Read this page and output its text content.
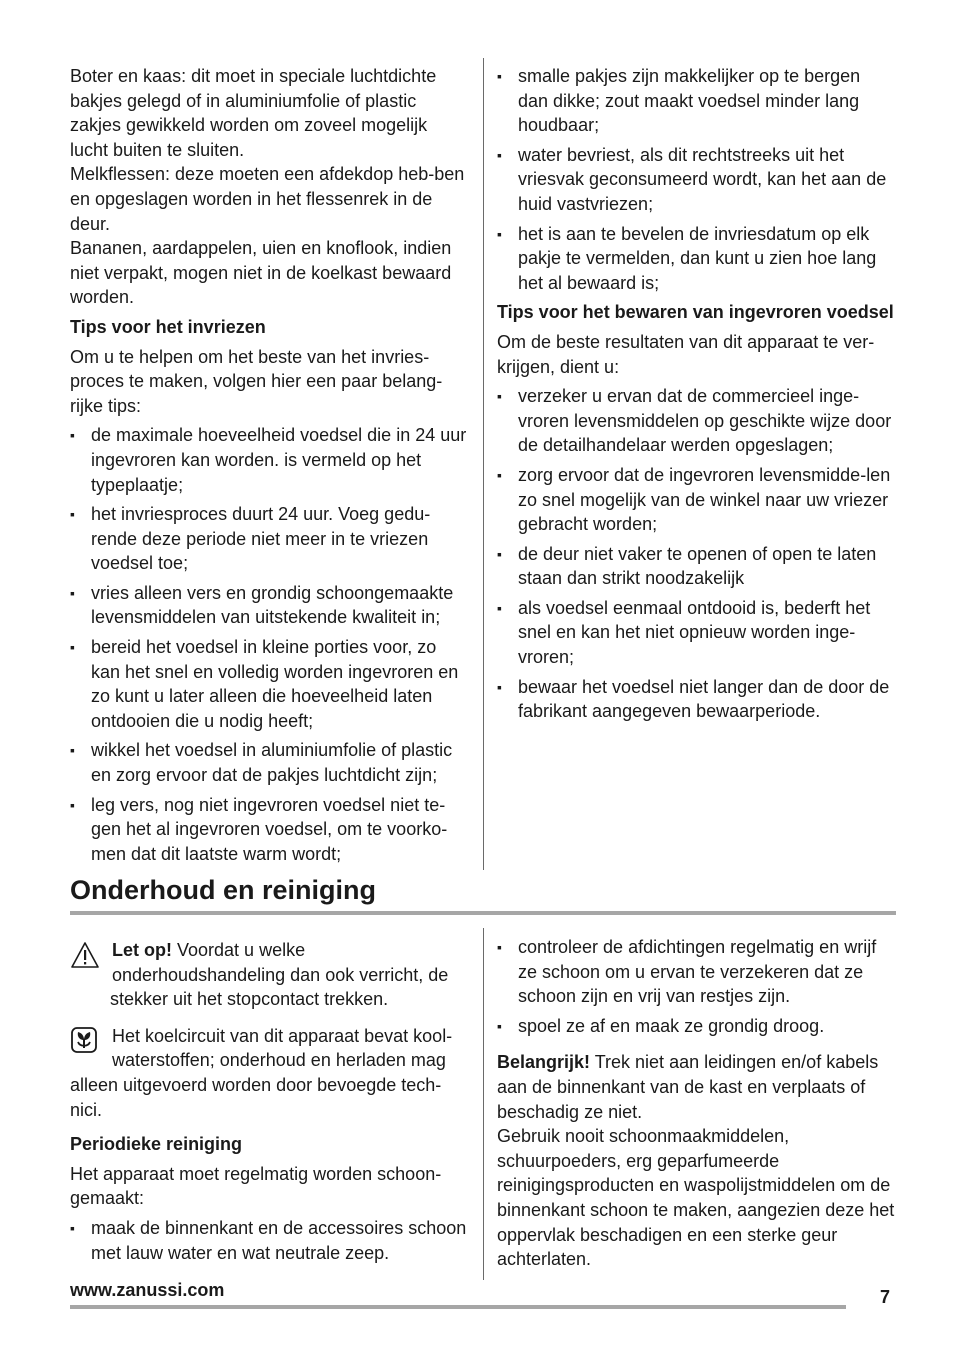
Boter en kaas: dit moet in speciale luchtdichte bakjes gelegd of in aluminiumfolie of plastic zakjes gewikkeld worden om zoveel mogelijk lucht buiten te sluiten.

Melkflessen: deze moeten een afdekdop heb-ben en opgeslagen worden in het flessenrek in de deur.

Bananen, aardappelen, uien en knoflook, indien niet verpakt, mogen niet in de koelkast bewaard worden.

Tips voor het invriezen

Om u te helpen om het beste van het invries-proces te maken, volgen hier een paar belang-rijke tips:

▪ de maximale hoeveelheid voedsel die in 24 uur ingevroren kan worden. is vermeld op het typeplaatje;
▪ het invriesproces duurt 24 uur. Voeg gedu-rende deze periode niet meer in te vriezen voedsel toe;
▪ vries alleen vers en grondig schoongemaakte levensmiddelen van uitstekende kwaliteit in;
▪ bereid het voedsel in kleine porties voor, zo kan het snel en volledig worden ingevroren en zo kunt u later alleen die hoeveelheid laten ontdooien die u nodig heeft;
▪ wikkel het voedsel in aluminiumfolie of plastic en zorg ervoor dat de pakjes luchtdicht zijn;
▪ leg vers, nog niet ingevroren voedsel niet te-gen het al ingevroren voedsel, om te voorko-men dat dit laatste warm wordt;
▪ smalle pakjes zijn makkelijker op te bergen dan dikke; zout maakt voedsel minder lang houdbaar;
▪ water bevriest, als dit rechtstreeks uit het vriesvak geconsumeerd wordt, kan het aan de huid vastvriezen;
▪ het is aan te bevelen de invriesdatum op elk pakje te vermelden, dan kunt u zien hoe lang het al bewaard is;
Tips voor het bewaren van ingevroren voedsel

Om de beste resultaten van dit apparaat te ver-krijgen, dient u:

▪ verzeker u ervan dat de commercieel inge-vroren levensmiddelen op geschikte wijze door de detailhandelaar werden opgeslagen;
▪ zorg ervoor dat de ingevroren levensmidde-len zo snel mogelijk van de winkel naar uw vriezer gebracht worden;
▪ de deur niet vaker te openen of open te laten staan dan strikt noodzakelijk
▪ als voedsel eenmaal ontdooid is, bederft het snel en kan het niet opnieuw worden inge-vroren;
▪ bewaar het voedsel niet langer dan de door de fabrikant aangegeven bewaarperiode.
Onderhoud en reiniging
Let op! Voordat u welke onderhoudshandeling dan ook verricht, de stekker uit het stopcontact trekken.
Het koelcircuit van dit apparaat bevat kool-waterstoffen; onderhoud en herladen mag alleen uitgevoerd worden door bevoegde tech-nici.
Periodieke reiniging

Het apparaat moet regelmatig worden schoon-gemaakt:

▪ maak de binnenkant en de accessoires schoon met lauw water en wat neutrale zeep.
▪ controleer de afdichtingen regelmatig en wrijf ze schoon om u ervan te verzekeren dat ze schoon zijn en vrij van restjes zijn.
▪ spoel ze af en maak ze grondig droog.

Belangrijk! Trek niet aan leidingen en/of kabels aan de binnenkant van de kast en verplaats of beschadig ze niet.

Gebruik nooit schoonmaakmiddelen, schuurpoeders, erg geparfumeerde reinigingsproducten en waspolijstmiddelen om de binnenkant schoon te maken, aangezien deze het oppervlak beschadigen en een sterke geur achterlaten.

www.zanussi.com	7
